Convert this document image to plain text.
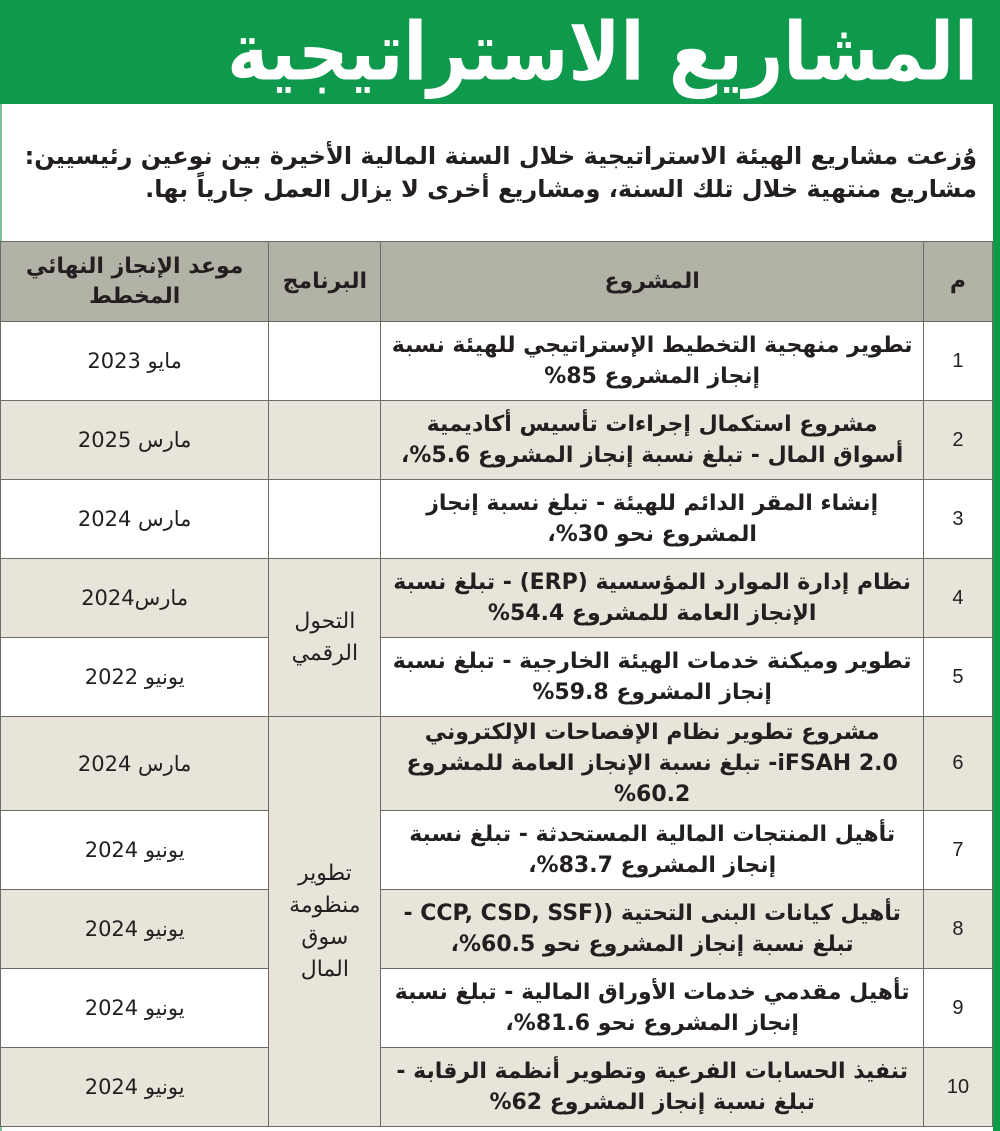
المشاريع الاستراتيجية
وُزعت مشاريع الهيئة الاستراتيجية خلال السنة المالية الأخيرة بين نوعين رئيسيين: مشاريع منتهية خلال تلك السنة، ومشاريع أخرى لا يزال العمل جارياً بها.
م	المشروع	البرنامج	موعد الإنجاز النهائي المخطط
1	تطوير منهجية التخطيط الإستراتيجي للهيئة نسبة إنجاز المشروع 85%		مايو 2023
2	مشروع استكمال إجراءات تأسيس أكاديمية أسواق المال - تبلغ نسبة إنجاز المشروع 5.6%،		مارس 2025
3	إنشاء المقر الدائم للهيئة - تبلغ نسبة إنجاز المشروع نحو 30%،		مارس 2024
4	نظام إدارة الموارد المؤسسية (ERP) - تبلغ نسبة الإنجاز العامة للمشروع 54.4%	التحول الرقمي	مارس2024
5	تطوير وميكنة خدمات الهيئة الخارجية - تبلغ نسبة إنجاز المشروع 59.8%		يونيو 2022
6	مشروع تطوير نظام الإفصاحات الإلكتروني iFSAH 2.0- تبلغ نسبة الإنجاز العامة للمشروع 60.2%	تطوير منظومة سوق المال	مارس 2024
7	تأهيل المنتجات المالية المستحدثة - تبلغ نسبة إنجاز المشروع 83.7%،		يونيو 2024
8	تأهيل كيانات البنى التحتية ((CCP, CSD, SSF - تبلغ نسبة إنجاز المشروع نحو 60.5%،		يونيو 2024
9	تأهيل مقدمي خدمات الأوراق المالية - تبلغ نسبة إنجاز المشروع نحو 81.6%،		يونيو 2024
10	تنفيذ الحسابات الفرعية وتطوير أنظمة الرقابة - تبلغ نسبة إنجاز المشروع 62%		يونيو 2024
